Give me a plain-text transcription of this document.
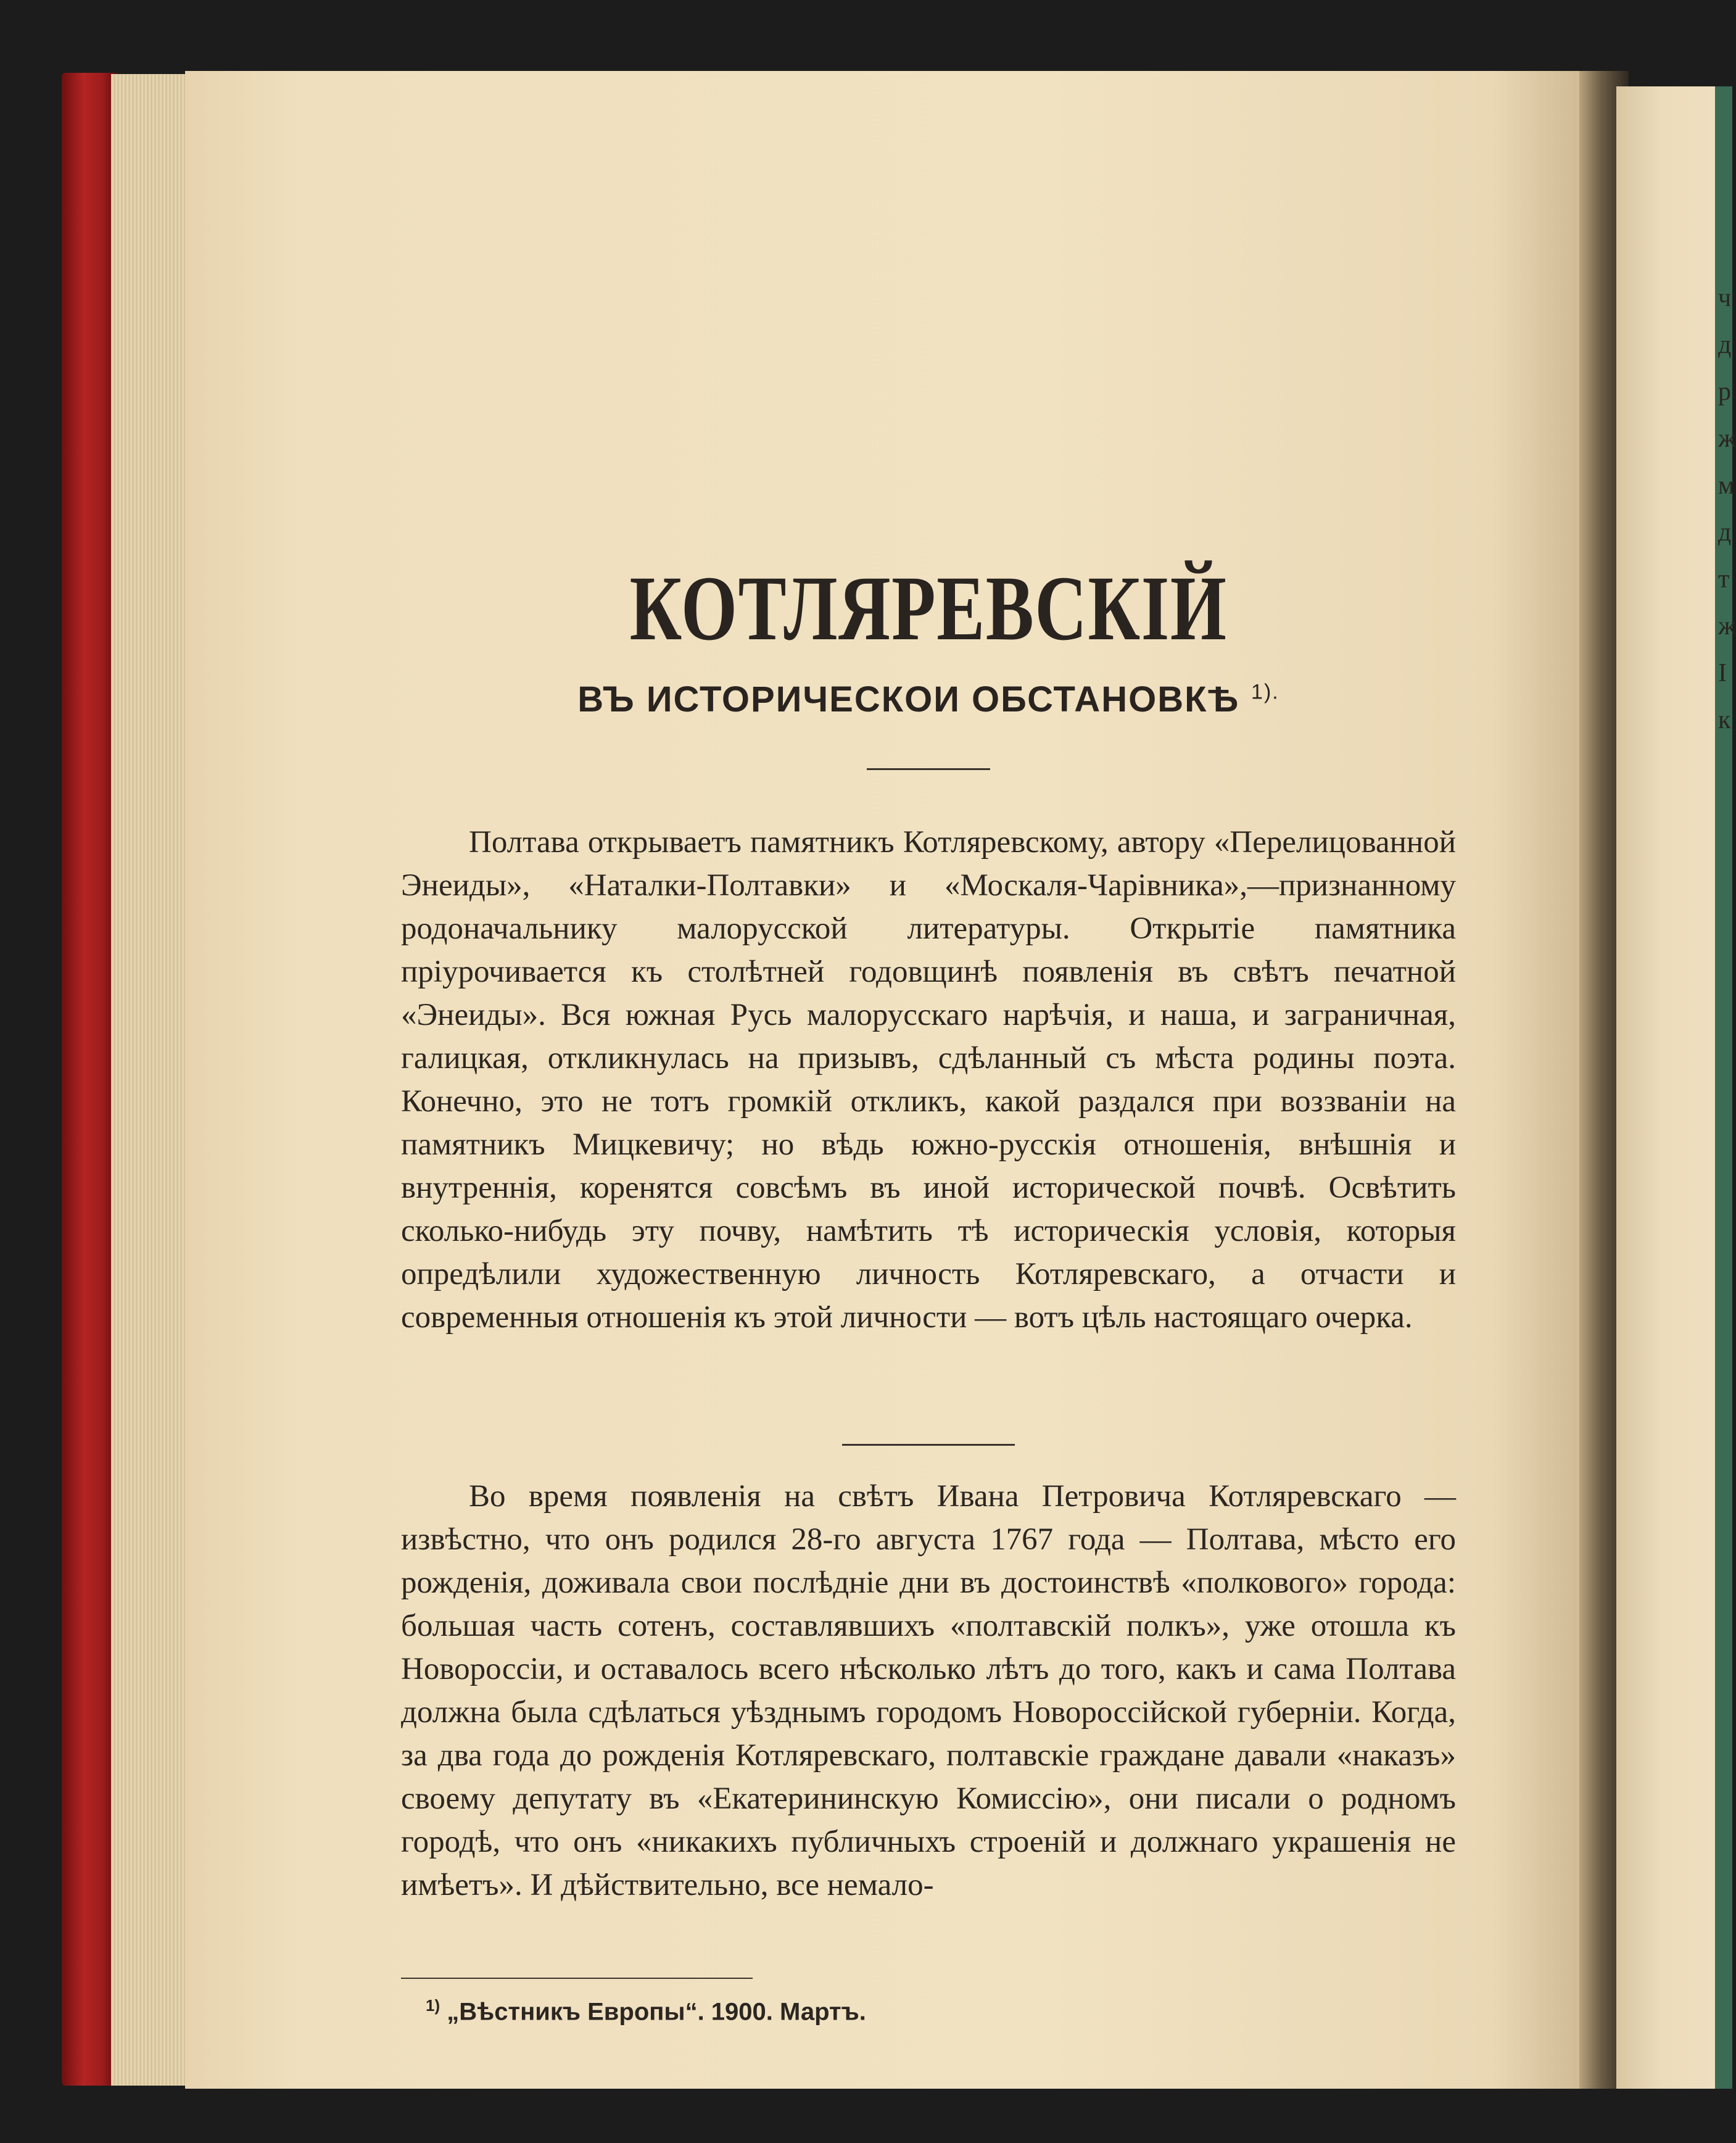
ч
д
р
ж
м
д
т
ж
І
к
КОТЛЯРЕВСКІЙ
ВЪ ИСТОРИЧЕСКОИ ОБСТАНОВКѢ $^{1).}$
Полтава открываетъ памятникъ Котляревскому, автору «Перелицованной Энеиды», «Наталки-Полтавки» и «Москаля-Чарівника»,—признанному родоначальнику малорусской литературы. Открытіе памятника пріурочивается къ столѣтней годовщинѣ появленія въ свѣтъ печатной «Энеиды». Вся южная Русь малорусскаго нарѣчія, и наша, и заграничная, галицкая, откликнулась на призывъ, сдѣланный съ мѣста родины поэта. Конечно, это не тотъ громкій откликъ, какой раздался при воззваніи на памятникъ Мицкевичу; но вѣдь южно-русскія отношенія, внѣшнія и внутреннія, коренятся совсѣмъ въ иной исторической почвѣ. Освѣтить сколько-нибудь эту почву, намѣтить тѣ историческія условія, которыя опредѣлили художественную личность Котляревскаго, а отчасти и современныя отношенія къ этой личности — вотъ цѣль настоящаго очерка.
Во время появленія на свѣтъ Ивана Петровича Котляревскаго — извѣстно, что онъ родился 28-го августа 1767 года — Полтава, мѣсто его рожденія, доживала свои послѣдніе дни въ достоинствѣ «полкового» города: большая часть сотенъ, составлявшихъ «полтавскій полкъ», уже отошла къ Новороссіи, и оставалось всего нѣсколько лѣтъ до того, какъ и сама Полтава должна была сдѣлаться уѣзднымъ городомъ Новороссійской губерніи. Когда, за два года до рожденія Котляревскаго, полтавскіе граждане давали «наказъ» своему депутату въ «Екатерининскую Комиссію», они писали о родномъ городѣ, что онъ «никакихъ публичныхъ строеній и должнаго украшенія не имѣетъ». И дѣйствительно, все немало-
$^{1)}$ „Вѣстникъ Европы“. 1900. Мартъ.
